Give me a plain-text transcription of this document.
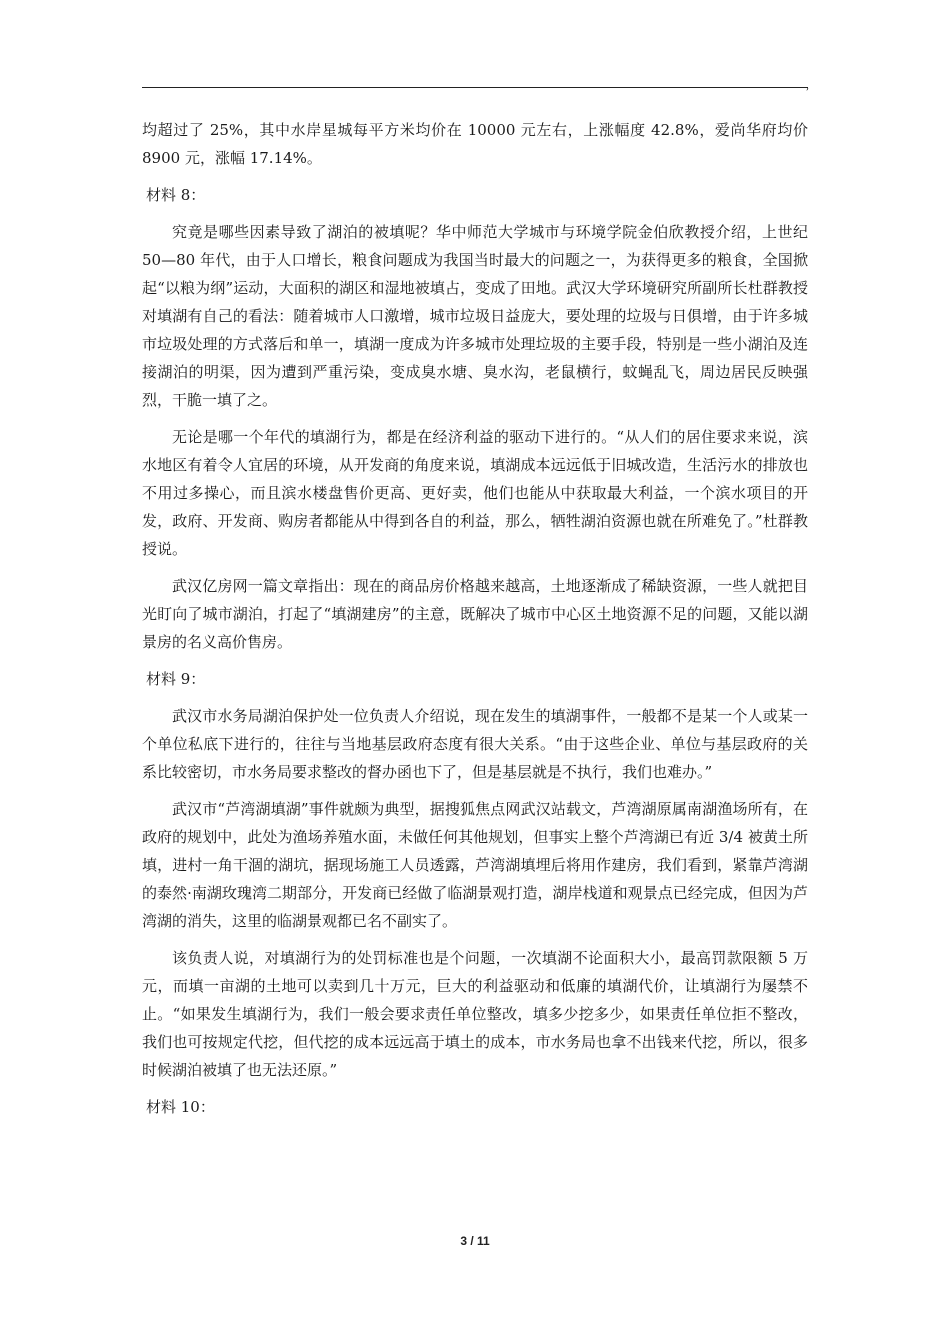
,

均超过了 25%，其中水岸星城每平方米均价在 10000 元左右，上涨幅度 42.8%，爱尚华府均价 8900 元，涨幅 17.14%。

材料 8：

究竟是哪些因素导致了湖泊的被填呢？华中师范大学城市与环境学院金伯欣教授介绍，上世纪 50—80 年代，由于人口增长，粮食问题成为我国当时最大的问题之一，为获得更多的粮食，全国掀起“以粮为纲”运动，大面积的湖区和湿地被填占，变成了田地。武汉大学环境研究所副所长杜群教授对填湖有自己的看法：随着城市人口激增，城市垃圾日益庞大，要处理的垃圾与日俱增，由于许多城市垃圾处理的方式落后和单一，填湖一度成为许多城市处理垃圾的主要手段，特别是一些小湖泊及连接湖泊的明渠，因为遭到严重污染，变成臭水塘、臭水沟，老鼠横行，蚊蝇乱飞，周边居民反映强烈，干脆一填了之。

无论是哪一个年代的填湖行为，都是在经济利益的驱动下进行的。“从人们的居住要求来说，滨水地区有着令人宜居的环境，从开发商的角度来说，填湖成本远远低于旧城改造，生活污水的排放也不用过多操心，而且滨水楼盘售价更高、更好卖，他们也能从中获取最大利益，一个滨水项目的开发，政府、开发商、购房者都能从中得到各自的利益，那么，牺牲湖泊资源也就在所难免了。”杜群教授说。

武汉亿房网一篇文章指出：现在的商品房价格越来越高，土地逐渐成了稀缺资源，一些人就把目光盯向了城市湖泊，打起了“填湖建房”的主意，既解决了城市中心区土地资源不足的问题，又能以湖景房的名义高价售房。

材料 9：

武汉市水务局湖泊保护处一位负责人介绍说，现在发生的填湖事件，一般都不是某一个人或某一个单位私底下进行的，往往与当地基层政府态度有很大关系。“由于这些企业、单位与基层政府的关系比较密切，市水务局要求整改的督办函也下了，但是基层就是不执行，我们也难办。”

武汉市“芦湾湖填湖”事件就颇为典型，据搜狐焦点网武汉站载文，芦湾湖原属南湖渔场所有，在政府的规划中，此处为渔场养殖水面，未做任何其他规划，但事实上整个芦湾湖已有近 3/4 被黄土所填，进村一角干涸的湖坑，据现场施工人员透露，芦湾湖填埋后将用作建房，我们看到，紧靠芦湾湖的泰然·南湖玫瑰湾二期部分，开发商已经做了临湖景观打造，湖岸栈道和观景点已经完成，但因为芦湾湖的消失，这里的临湖景观都已名不副实了。

该负责人说，对填湖行为的处罚标准也是个问题，一次填湖不论面积大小，最高罚款限额 5 万元，而填一亩湖的土地可以卖到几十万元，巨大的利益驱动和低廉的填湖代价，让填湖行为屡禁不止。“如果发生填湖行为，我们一般会要求责任单位整改，填多少挖多少，如果责任单位拒不整改，我们也可按规定代挖，但代挖的成本远远高于填土的成本，市水务局也拿不出钱来代挖，所以，很多时候湖泊被填了也无法还原。”

材料 10：
3 / 11
